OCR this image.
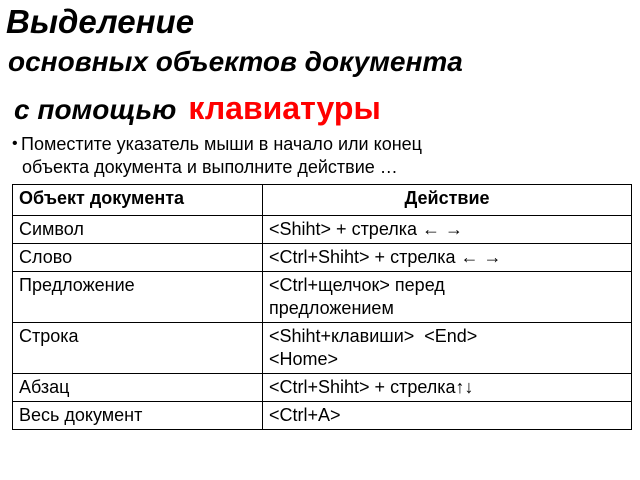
Выделение
основных объектов документа
с помощью клавиатуры
• Поместите указатель мыши в начало или конец
объекта документа и выполните действие …
Объект документа	Действие
Символ	<Shiht> + стрелка ← →
Слово	<Ctrl+Shiht> + стрелка ← →
Предложение	<Ctrl+щелчок> перед
предложением
Строка	<Shiht+клавиши>  <End>
<Home>
Абзац	<Ctrl+Shiht> + стрелка↑↓
Весь документ	<Ctrl+A>
